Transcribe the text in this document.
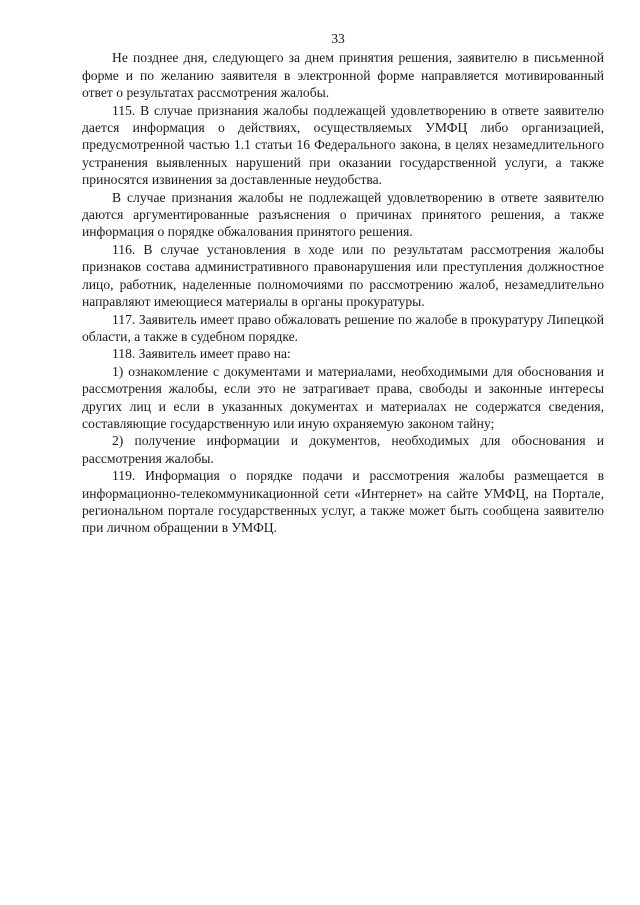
33

Не позднее дня, следующего за днем принятия решения, заявителю в письменной форме и по желанию заявителя в электронной форме направляется мотивированный ответ о результатах рассмотрения жалобы.

115. В случае признания жалобы подлежащей удовлетворению в ответе заявителю дается информация о действиях, осуществляемых УМФЦ либо организацией, предусмотренной частью 1.1 статьи 16 Федерального закона, в целях незамедлительного устранения выявленных нарушений при оказании государственной услуги, а также приносятся извинения за доставленные неудобства.

В случае признания жалобы не подлежащей удовлетворению в ответе заявителю даются аргументированные разъяснения о причинах принятого решения, а также информация о порядке обжалования принятого решения.

116. В случае установления в ходе или по результатам рассмотрения жалобы признаков состава административного правонарушения или преступления должностное лицо, работник, наделенные полномочиями по рассмотрению жалоб, незамедлительно направляют имеющиеся материалы в органы прокуратуры.

117. Заявитель имеет право обжаловать решение по жалобе в прокуратуру Липецкой области, а также в судебном порядке.

118. Заявитель имеет право на:

1) ознакомление с документами и материалами, необходимыми для обоснования и рассмотрения жалобы, если это не затрагивает права, свободы и законные интересы других лиц и если в указанных документах и материалах не содержатся сведения, составляющие государственную или иную охраняемую законом тайну;

2) получение информации и документов, необходимых для обоснования и рассмотрения жалобы.

119. Информация о порядке подачи и рассмотрения жалобы размещается в информационно-телекоммуникационной сети «Интернет» на сайте УМФЦ, на Портале, региональном портале государственных услуг, а также может быть сообщена заявителю при личном обращении в УМФЦ.
